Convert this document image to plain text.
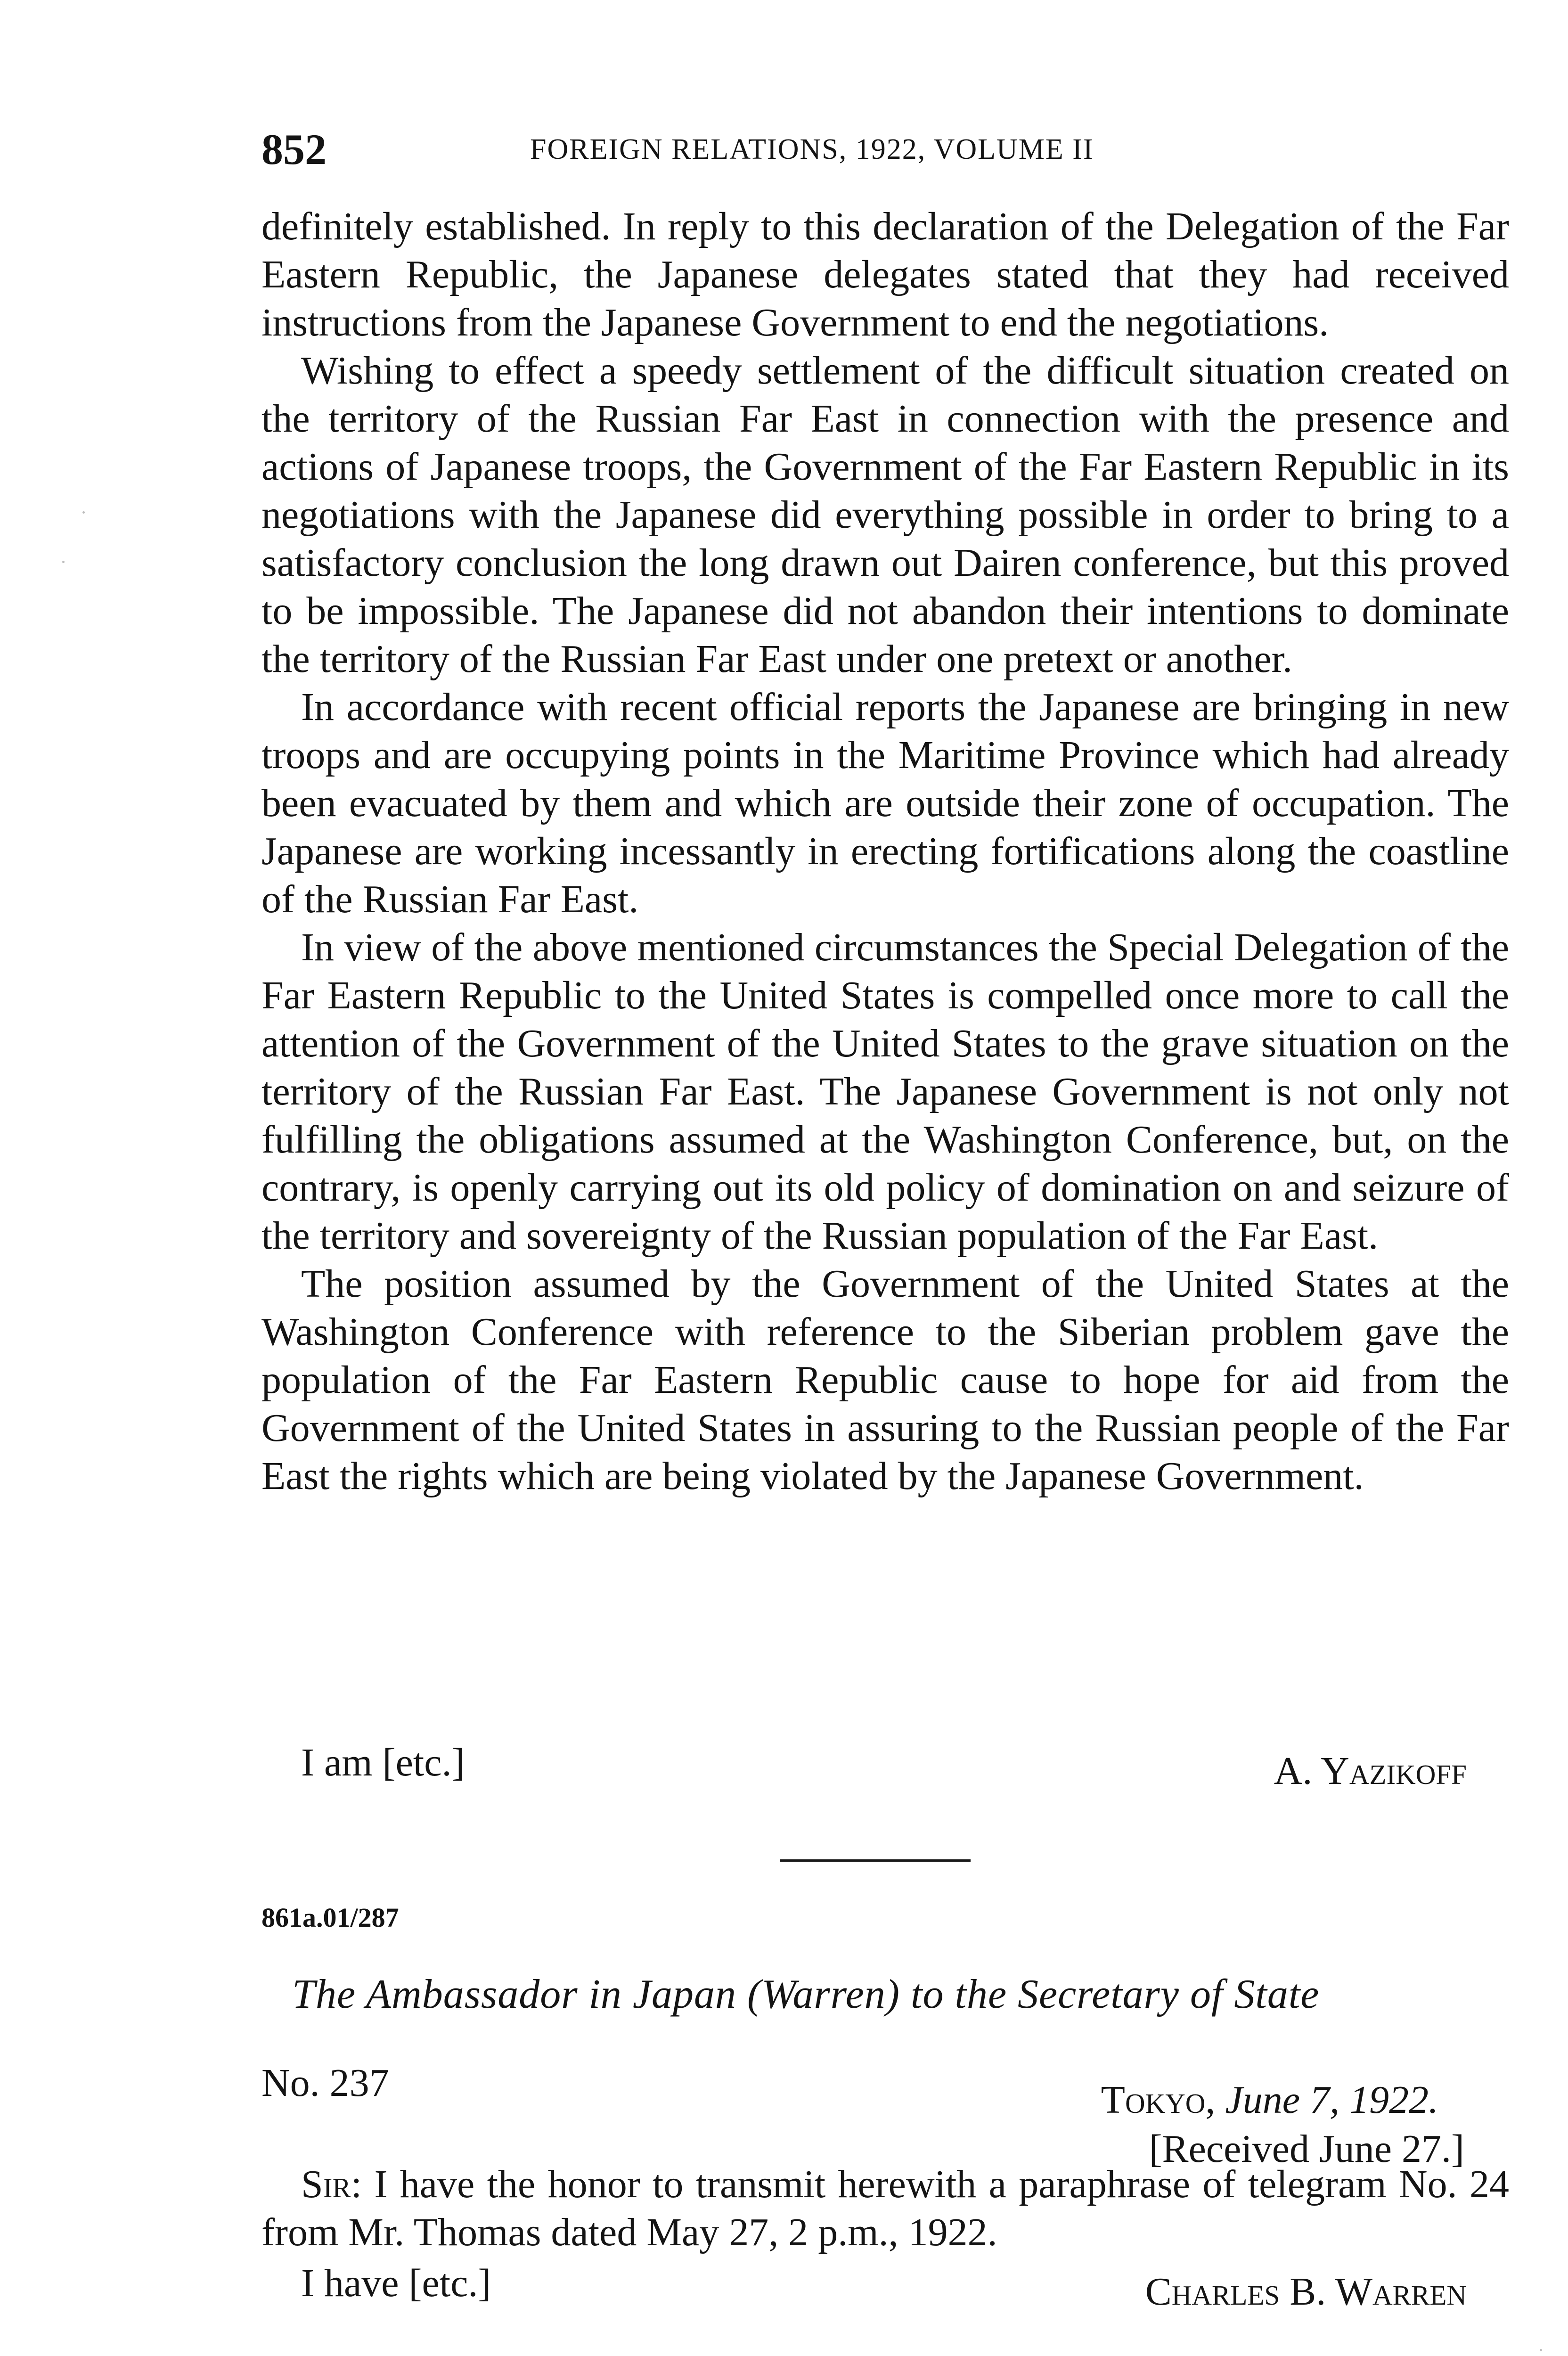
852	FOREIGN RELATIONS, 1922, VOLUME II

definitely established. In reply to this declaration of the Delegation of the Far Eastern Republic, the Japanese delegates stated that they had received instructions from the Japanese Government to end the negotiations.

Wishing to effect a speedy settlement of the difficult situation created on the territory of the Russian Far East in connection with the presence and actions of Japanese troops, the Government of the Far Eastern Republic in its negotiations with the Japanese did everything possible in order to bring to a satisfactory conclusion the long drawn out Dairen conference, but this proved to be impossible. The Japanese did not abandon their intentions to dominate the territory of the Russian Far East under one pretext or another.

In accordance with recent official reports the Japanese are bringing in new troops and are occupying points in the Maritime Province which had already been evacuated by them and which are outside their zone of occupation. The Japanese are working incessantly in erecting fortifications along the coastline of the Russian Far East.

In view of the above mentioned circumstances the Special Delegation of the Far Eastern Republic to the United States is compelled once more to call the attention of the Government of the United States to the grave situation on the territory of the Russian Far East. The Japanese Government is not only not fulfilling the obligations assumed at the Washington Conference, but, on the contrary, is openly carrying out its old policy of domination on and seizure of the territory and sovereignty of the Russian population of the Far East.

The position assumed by the Government of the United States at the Washington Conference with reference to the Siberian problem gave the population of the Far Eastern Republic cause to hope for aid from the Government of the United States in assuring to the Russian people of the Far East the rights which are being violated by the Japanese Government.

I am [etc.]	A. Yazikoff
861a.01/287
The Ambassador in Japan (Warren) to the Secretary of State
No. 237	Tokyo, June 7, 1922.
[Received June 27.]

Sir: I have the honor to transmit herewith a paraphrase of telegram No. 24 from Mr. Thomas dated May 27, 2 p.m., 1922.

I have [etc.]	Charles B. Warren
